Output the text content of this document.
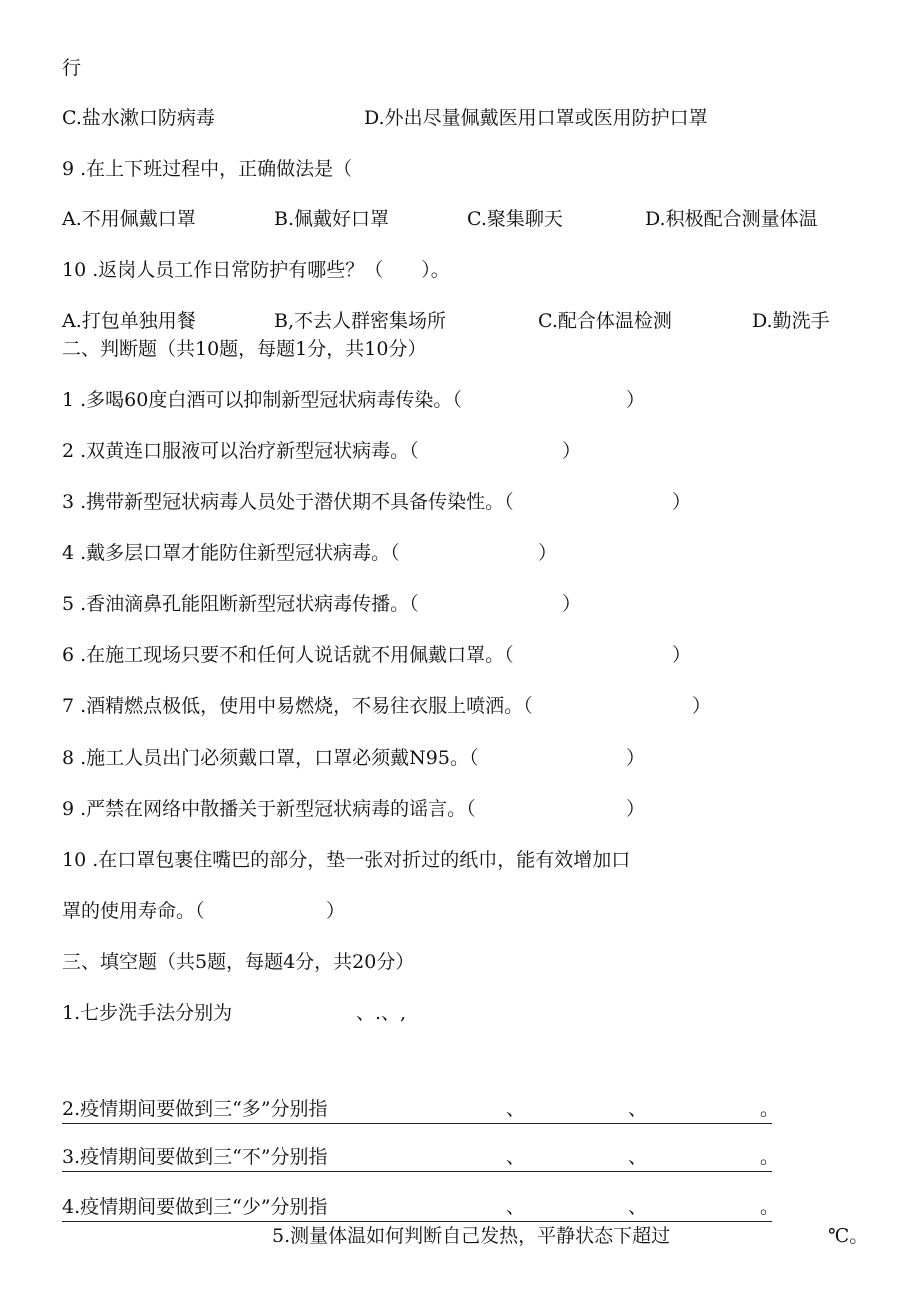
行
C.盐水漱口防病毒	D.外出尽量佩戴医用口罩或医用防护口罩
9 .在上下班过程中，正确做法是（
A.不用佩戴口罩	B.佩戴好口罩	C.聚集聊天	D.积极配合测量体温
10 .返岗人员工作日常防护有哪些？（　　）。
A.打包单独用餐	B,不去人群密集场所	C.配合体温检测	D.勤洗手
二、判断题（共10题，每题1分，共10分）
1 .多喝60度白酒可以抑制新型冠状病毒传染。（	）
2 .双黄连口服液可以治疗新型冠状病毒。（	）
3 .携带新型冠状病毒人员处于潜伏期不具备传染性。（	）
4 .戴多层口罩才能防住新型冠状病毒。（	）
5 .香油滴鼻孔能阻断新型冠状病毒传播。（	）
6 .在施工现场只要不和任何人说话就不用佩戴口罩。（	）
7 .酒精燃点极低，使用中易燃烧，不易往衣服上喷洒。（	）
8 .施工人员出门必须戴口罩，口罩必须戴N95。（	）
9 .严禁在网络中散播关于新型冠状病毒的谣言。（	）
10 .在口罩包裹住嘴巴的部分，垫一张对折过的纸巾，能有效增加口
罩的使用寿命。（	）
三、填空题（共5题，每题4分，共20分）
1.七步洗手法分别为	、.、,
2.疫情期间要做到三“多”分别指	、	、	。
3.疫情期间要做到三“不”分别指	、	、	。
4.疫情期间要做到三“少”分别指	、	、	。
5.测量体温如何判断自己发热，平静状态下超过	℃。
